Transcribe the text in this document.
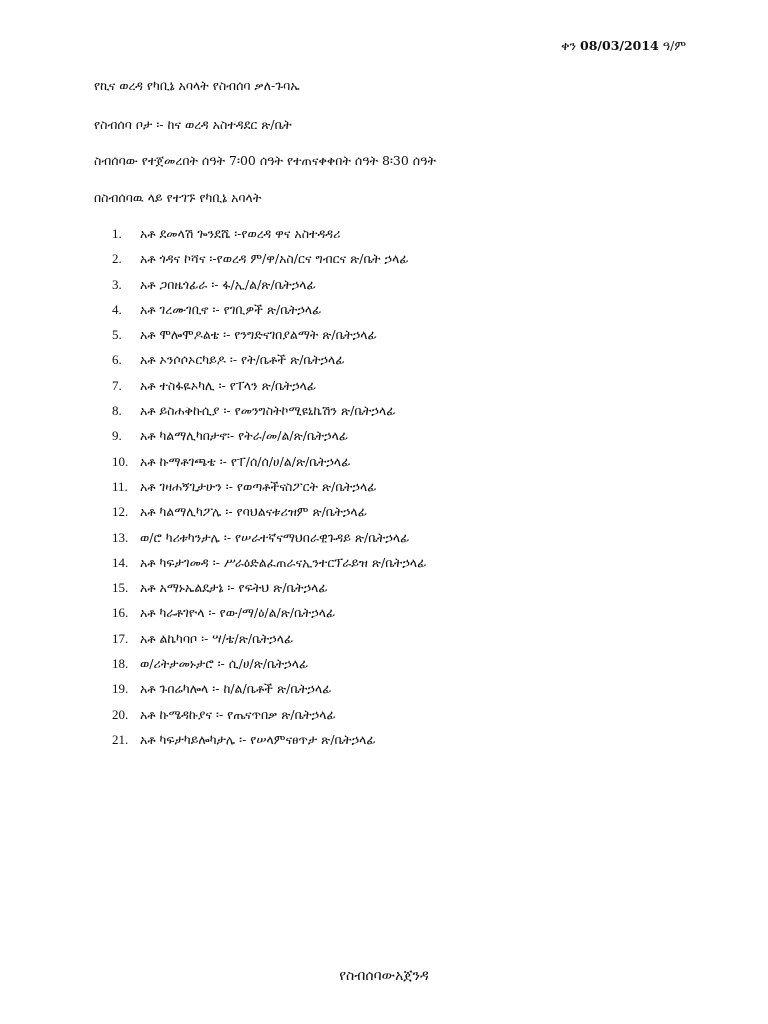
ቀን 08/03/2014 ዓ/ም
የኪና ወረዳ የካቢኔ አባላት የስብሰባ ቃለ-ጉባኤ
የስብሰባ ቦታ ፡- ከና ወረዳ አስተዳደር ጽ/ቤት
ስብሰባው የተጀመረበት ሰዓት 7፡00 ሰዓት የተጠናቀቀበት ሰዓት 8፡30 ሰዓት
በስብሰባዉ ላይ የተገኙ የካቢኔ አባላት
1.	አቶ ደመላሽ ጐንደሼ ፡-የወረዳ ዋና አስተዳዳሪ
2.	አቶ ጎዳና ኮሻና ፡-የወረዳ ም/ዋ/አስ/ርና ግብርና ጽ/ቤት ኃላፊ
3.	አቶ ጋበዜጎፊራ ፡- ፋ/ኢ/ል/ጽ/ቤትኃላፊ
4.	አቶ ገረሙገቢኖ ፡- የገቢዎች ጽ/ቤትኃላፊ
5.	አቶ ሞሎሞዶልቴ ፡- የንግድናገበያልማት ጽ/ቤትኃላፊ
6.	አቶ ኦንሶሶኦርካይዶ ፡- የት/ቤቶች ጽ/ቤትኃላፊ
7.	አቶ ተስፋዬኦካሊ ፡- የፐላን ጽ/ቤትኃላፊ
8.	አቶ ይስሐቅኩሲያ ፡- የመንግስትኮሚዩኒኬሽን ጽ/ቤትኃላፊ
9.	አቶ ካልማሊካበታኖ፡- የትራ/መ/ል/ጽ/ቤትኃላፊ
10. አቶ ኩማቶገጫቴ ፡- የፐ/ሰ/ሰ/ሀ/ል/ጽ/ቤትኃላፊ
11. አቶ ገዛሐኝጊታሁን ፡- የወጣቶችናስፖርት ጽ/ቤትኃላፊ
12. አቶ ካልማሊካፖሌ ፡- የባህልናቱሪዝም ጽ/ቤትኃላፊ
13. ወ/ሮ ካሪቱካንታሌ ፡- የሠራተኛናማህበራዊጉዳይ ጽ/ቤትኃላፊ
14. አቶ ካፍታገመዳ ፡- ሥራዕድልፈጠራናኢንተርፕራይዝ ጽ/ቤትኃላፊ
15. አቶ አማኑኤልደታኔ ፡- የፍትህ ጽ/ቤትኃላፊ
16. አቶ ካራቶገዮላ ፡- የው/ማ/ዕ/ል/ጽ/ቤትኃላፊ
17. አቶ ልኬካባቦ ፡- ሣ/ቴ/ጽ/ቤትኃላፊ
18. ወ/ሪትታመኑታሮ ፡- ሲ/ሀ/ጽ/ቤትኃላፊ
19. አቶ ጉበሬካሎላ ፡- ከ/ል/ቤቶች ጽ/ቤትኃላፊ
20. አቶ ኩሜዳኩያና ፡- የጤናጥበቃ ጽ/ቤትኃላፊ
21. አቶ ካፍታካይሎካታሌ ፡- የሠላምናፀጥታ ጽ/ቤትኃላፊ
የስብሰባውአጀንዳ
